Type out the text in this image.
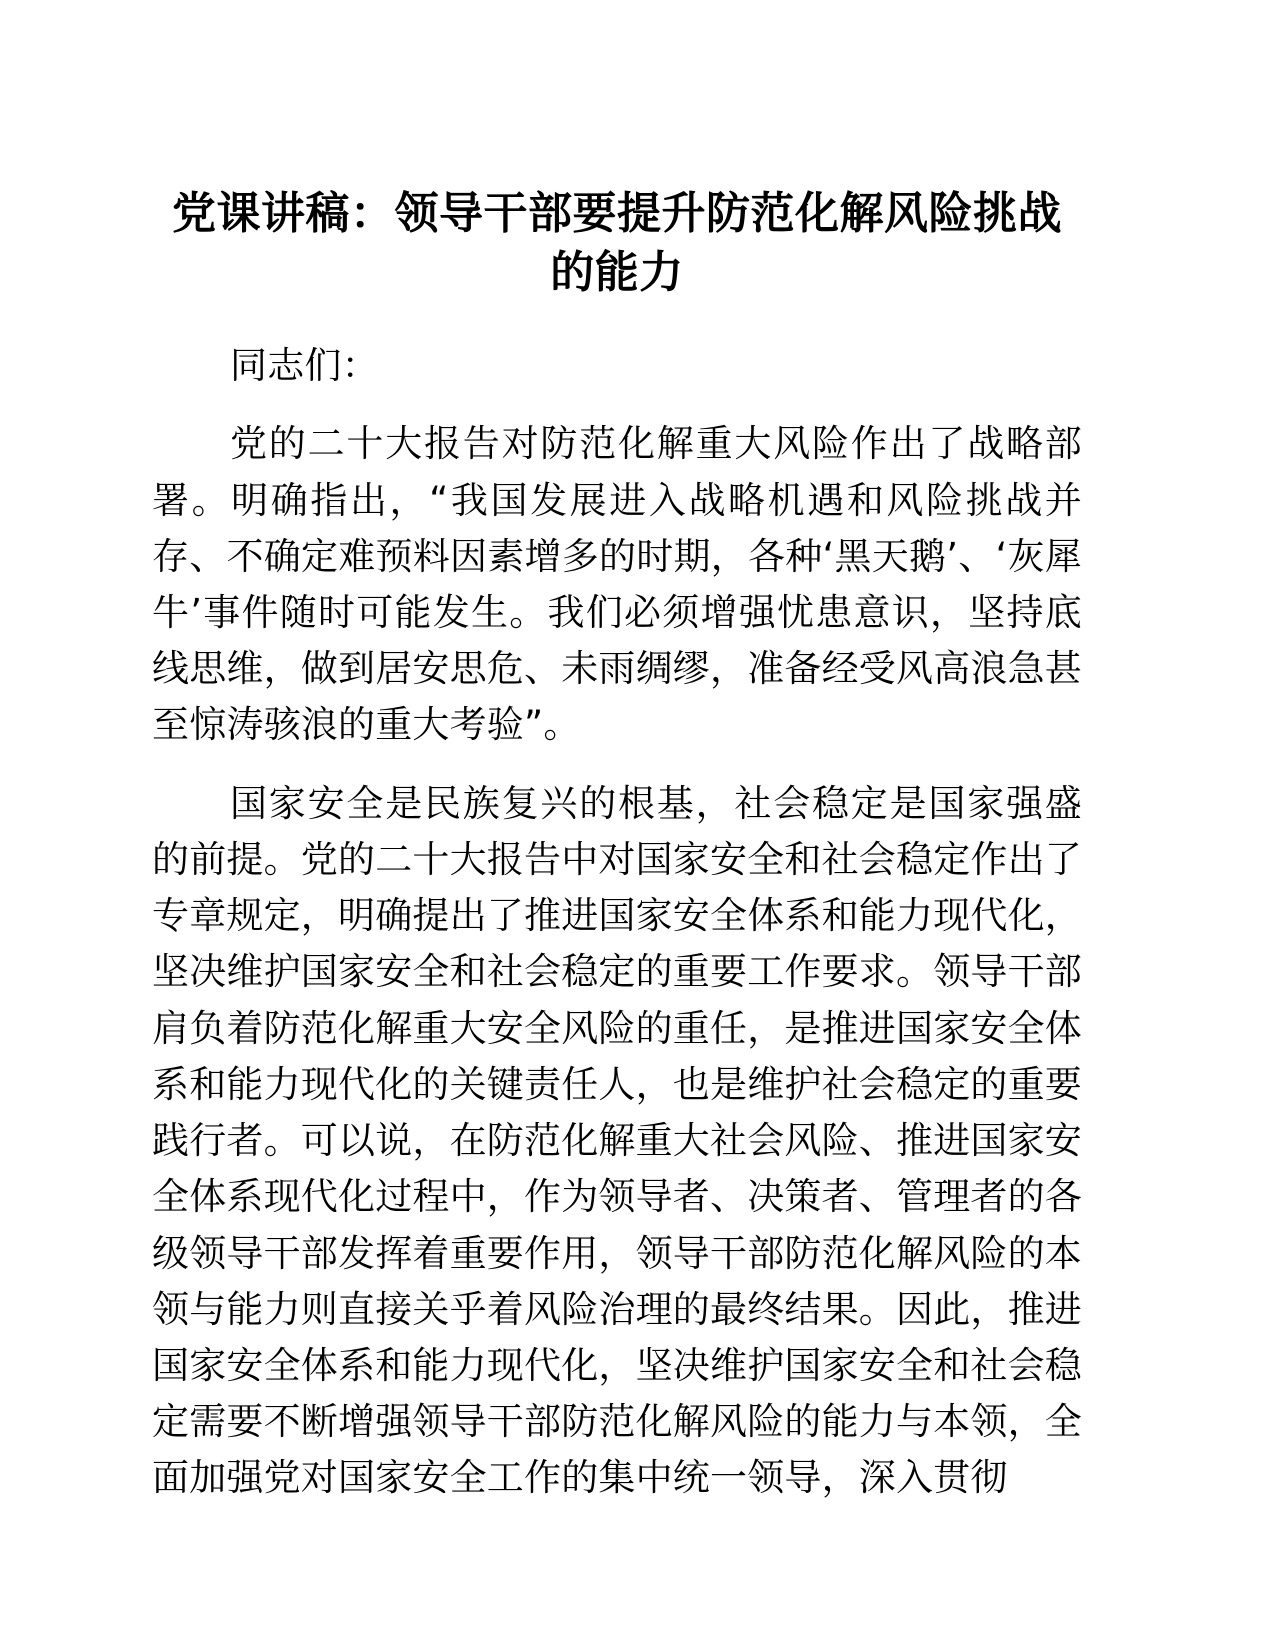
党课讲稿：领导干部要提升防范化解风险挑战的能力

同志们：

党的二十大报告对防范化解重大风险作出了战略部署。明确指出，“我国发展进入战略机遇和风险挑战并存、不确定难预料因素增多的时期，各种‘黑天鹅’、‘灰犀牛’事件随时可能发生。我们必须增强忧患意识，坚持底线思维，做到居安思危、未雨绸缪，准备经受风高浪急甚至惊涛骇浪的重大考验”。

国家安全是民族复兴的根基，社会稳定是国家强盛的前提。党的二十大报告中对国家安全和社会稳定作出了专章规定，明确提出了推进国家安全体系和能力现代化，坚决维护国家安全和社会稳定的重要工作要求。领导干部肩负着防范化解重大安全风险的重任，是推进国家安全体系和能力现代化的关键责任人，也是维护社会稳定的重要践行者。可以说，在防范化解重大社会风险、推进国家安全体系现代化过程中，作为领导者、决策者、管理者的各级领导干部发挥着重要作用，领导干部防范化解风险的本领与能力则直接关乎着风险治理的最终结果。因此，推进国家安全体系和能力现代化，坚决维护国家安全和社会稳定需要不断增强领导干部防范化解风险的能力与本领，全面加强党对国家安全工作的集中统一领导，深入贯彻
